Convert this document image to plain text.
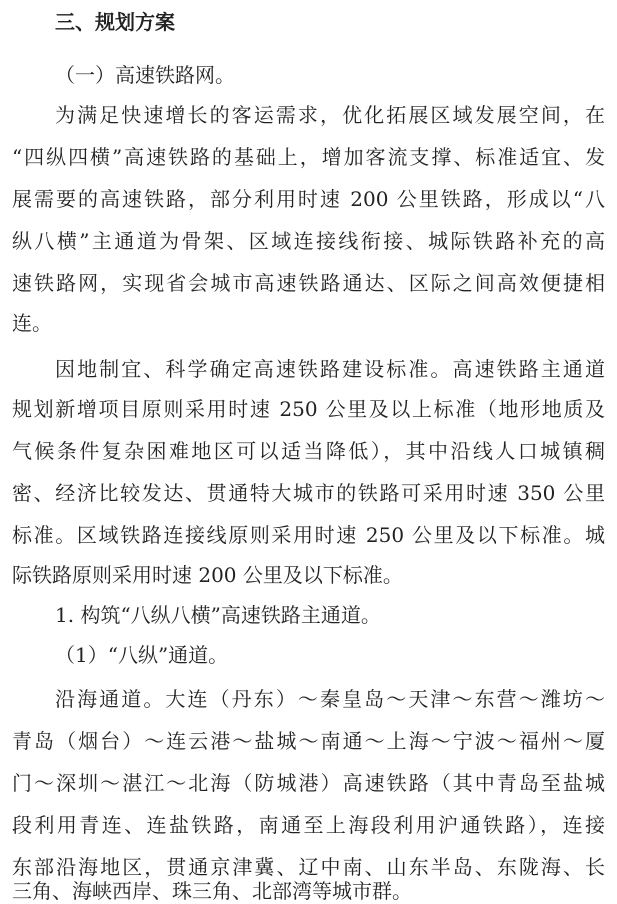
三、规划方案
（一）高速铁路网。
为满足快速增长的客运需求，优化拓展区域发展空间，在
“四纵四横”高速铁路的基础上，增加客流支撑、标准适宜、发
展需要的高速铁路，部分利用时速 200 公里铁路，形成以“八
纵八横”主通道为骨架、区域连接线衔接、城际铁路补充的高
速铁路网，实现省会城市高速铁路通达、区际之间高效便捷相
连。
因地制宜、科学确定高速铁路建设标准。高速铁路主通道
规划新增项目原则采用时速 250 公里及以上标准（地形地质及
气候条件复杂困难地区可以适当降低），其中沿线人口城镇稠
密、经济比较发达、贯通特大城市的铁路可采用时速 350 公里
标准。区域铁路连接线原则采用时速 250 公里及以下标准。城
际铁路原则采用时速 200 公里及以下标准。
1. 构筑“八纵八横”高速铁路主通道。
（1）“八纵”通道。
沿海通道。大连（丹东）～秦皇岛～天津～东营～潍坊～
青岛（烟台）～连云港～盐城～南通～上海～宁波～福州～厦
门～深圳～湛江～北海（防城港）高速铁路（其中青岛至盐城
段利用青连、连盐铁路，南通至上海段利用沪通铁路），连接
东部沿海地区，贯通京津冀、辽中南、山东半岛、东陇海、长
三角、海峡西岸、珠三角、北部湾等城市群。
